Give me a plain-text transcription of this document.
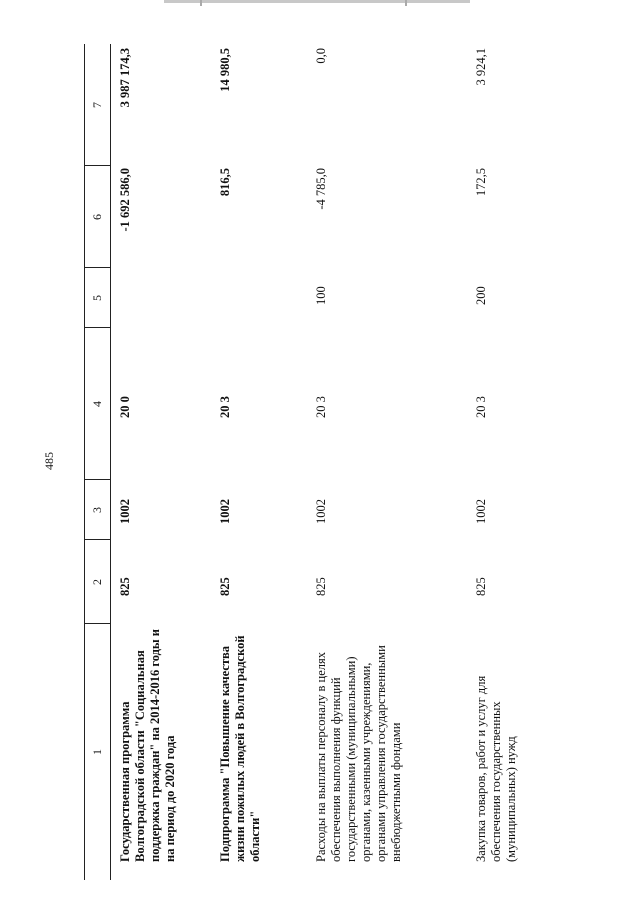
485
1
2
3
4
5
6
7
Государственная программа Волгоградской области "Социальная поддержка граждан" на 2014-2016 годы и на период до 2020 года
825
1002
20 0
-1 692 586,0
3 987 174,3
Подпрограмма "Повышение качества жизни пожилых людей в Волгоградской области"
825
1002
20 3
816,5
14 980,5
Расходы на выплаты персоналу в целях обеспечения выполнения функций государственными (муниципальными) органами, казенными учреждениями, органами управления государственными внебюджетными фондами
825
1002
20 3
100
-4 785,0
0,0
Закупка товаров, работ и услуг для обеспечения государственных (муниципальных) нужд
825
1002
20 3
200
172,5
3 924,1
